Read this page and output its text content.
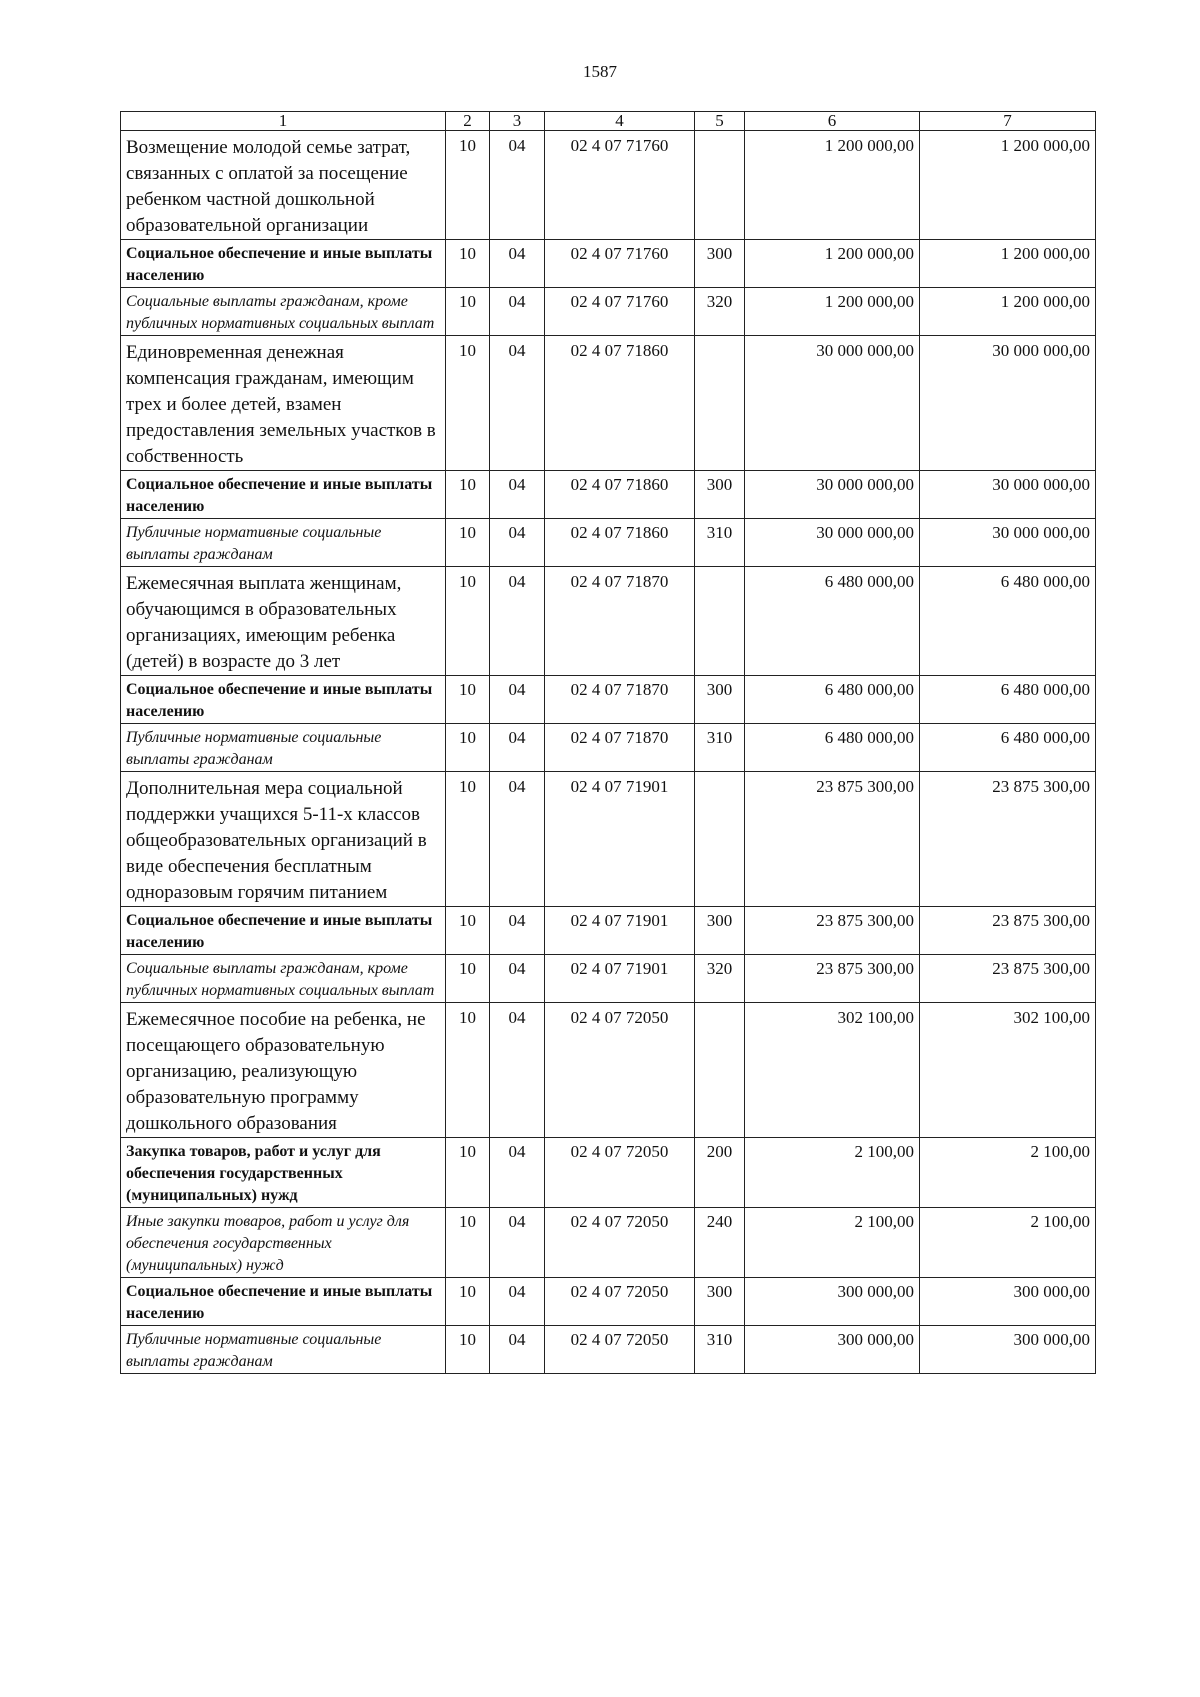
1587
1	2	3	4	5	6	7
Возмещение молодой семье затрат, связанных с оплатой за посещение ребенком частной дошкольной образовательной организации	10	04	02 4 07 71760		1 200 000,00	1 200 000,00
Социальное обеспечение и иные выплаты населению	10	04	02 4 07 71760	300	1 200 000,00	1 200 000,00
Социальные выплаты гражданам, кроме публичных нормативных социальных выплат	10	04	02 4 07 71760	320	1 200 000,00	1 200 000,00
Единовременная денежная компенсация гражданам, имеющим трех и более детей, взамен предоставления земельных участков в собственность	10	04	02 4 07 71860		30 000 000,00	30 000 000,00
Социальное обеспечение и иные выплаты населению	10	04	02 4 07 71860	300	30 000 000,00	30 000 000,00
Публичные нормативные социальные выплаты гражданам	10	04	02 4 07 71860	310	30 000 000,00	30 000 000,00
Ежемесячная выплата женщинам, обучающимся в образовательных организациях, имеющим ребенка (детей) в возрасте до 3 лет	10	04	02 4 07 71870		6 480 000,00	6 480 000,00
Социальное обеспечение и иные выплаты населению	10	04	02 4 07 71870	300	6 480 000,00	6 480 000,00
Публичные нормативные социальные выплаты гражданам	10	04	02 4 07 71870	310	6 480 000,00	6 480 000,00
Дополнительная мера социальной поддержки учащихся 5-11-х классов общеобразовательных организаций в виде обеспечения бесплатным одноразовым горячим питанием	10	04	02 4 07 71901		23 875 300,00	23 875 300,00
Социальное обеспечение и иные выплаты населению	10	04	02 4 07 71901	300	23 875 300,00	23 875 300,00
Социальные выплаты гражданам, кроме публичных нормативных социальных выплат	10	04	02 4 07 71901	320	23 875 300,00	23 875 300,00
Ежемесячное пособие на ребенка, не посещающего образовательную организацию, реализующую образовательную программу дошкольного образования	10	04	02 4 07 72050		302 100,00	302 100,00
Закупка товаров, работ и услуг для обеспечения государственных (муниципальных) нужд	10	04	02 4 07 72050	200	2 100,00	2 100,00
Иные закупки товаров, работ и услуг для обеспечения государственных (муниципальных) нужд	10	04	02 4 07 72050	240	2 100,00	2 100,00
Социальное обеспечение и иные выплаты населению	10	04	02 4 07 72050	300	300 000,00	300 000,00
Публичные нормативные социальные выплаты гражданам	10	04	02 4 07 72050	310	300 000,00	300 000,00
